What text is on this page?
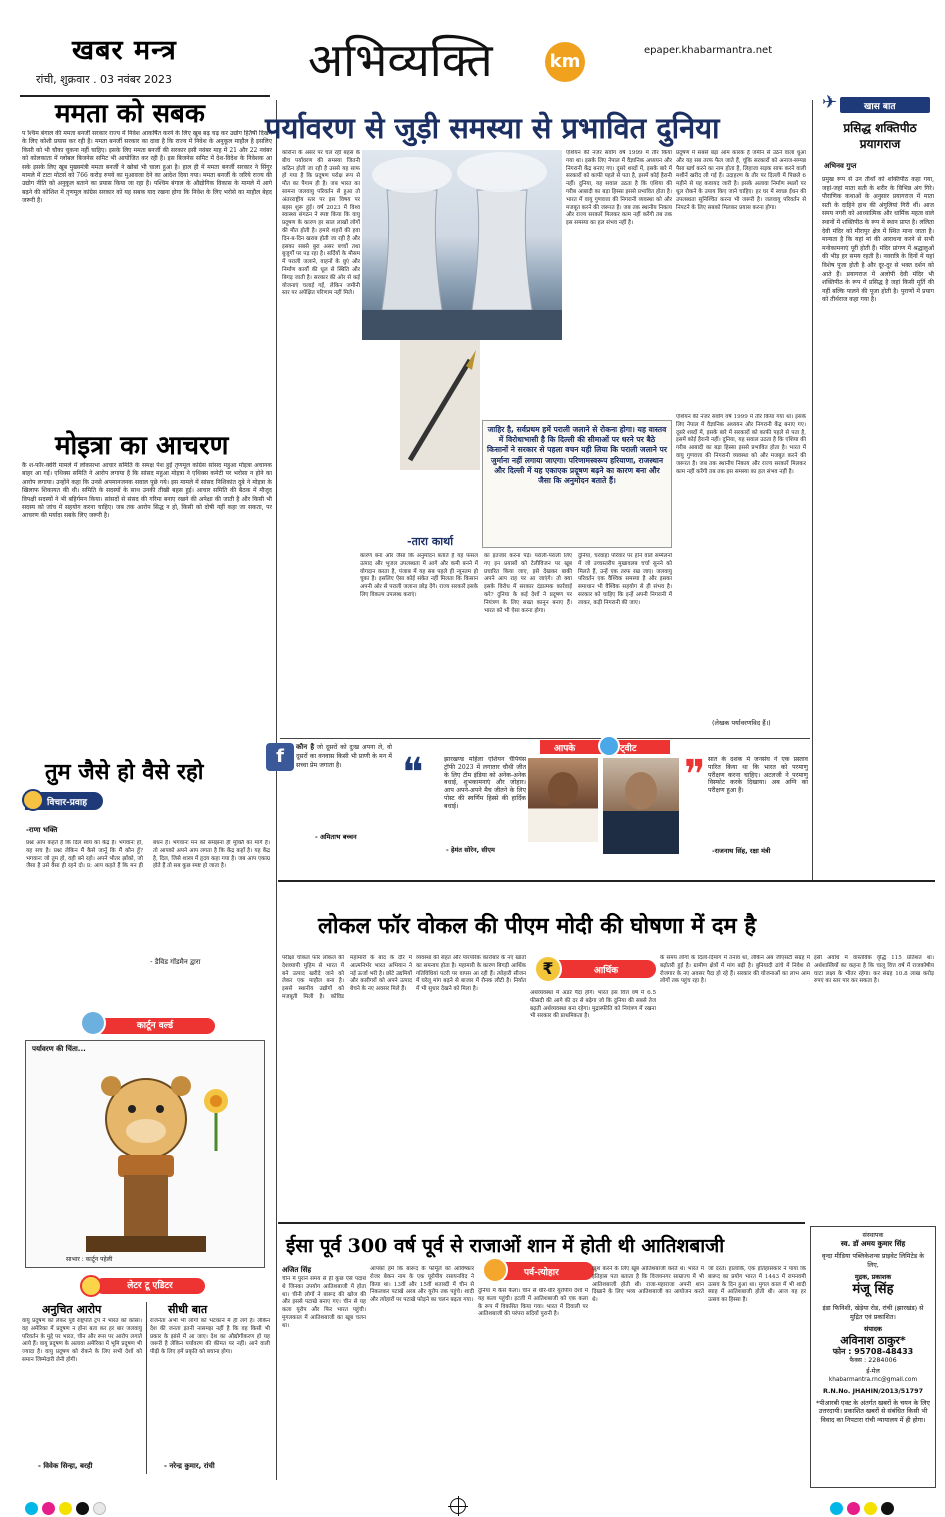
खबर मन्त्र
रांची, शुक्रवार . 03 नवंबर 2023	अभिव्यक्ति	km
epaper.khabarmantra.net
ममता को सबक
प श्चिम बंगाल की ममता बनर्जी सरकार राज्य में निवेश आकर्षित करने के लिए खूब बढ़ चढ़ कर उद्योग हितैषी दिखने के लिए कोशी प्रयास कर रही है। ममता बनर्जी सरकार का दावा है कि राज्य में निवेश के अनुकूल माहौल है इसलिए किसी को भी चौका चुकना नहीं चाहिए। इसके लिए ममता बनर्जी की सरकार इसी नवंबर माह में 21 और 22 नवंबर को कोलकाता में ग्लोबल बिजनेस समिट भी आयोजित कर रही है। इस बिजनेस समिट में देश-विदेश के निवेशक आ सके इसके लिए खूब मुख्यमंत्री ममता बनर्जी ने खोबां भी चाला हुआ है। हाल ही में ममता बनर्जी सरकार ने सिंगूर मामले में टाटा मोटर्स को 766 करोड़ रुपये का मुआवजा देने का आदेश दिया गया। ममता बनर्जी के जरिये राज्य की उद्योग नीति को अनुकूल बताने का प्रयास किया जा रहा है। पश्चिम बंगाल के औद्योगिक विकास के मामले में आगे बढ़ने की कोशिश में तृणमूल कांग्रेस सरकार को यह सबक याद रखना होगा कि निवेश के लिए भरोसे का माहौल बेहद जरूरी है।
मोइत्रा का आचरण
कै श-फॉर-क्वेरी मामले में लोकसभा आचार समिति के समक्ष पेश हुईं तृणमूल कांग्रेस सांसद महुआ मोइत्रा अचानक बाहर आ गईं। एथिक्स समिति ने आरोप लगाया है कि सांसद महुआ मोइत्रा ने एथिक्स कमेटी पर भरोसा न होने का आरोप लगाया। उन्होंने कहा कि उनसे अपमानजनक सवाल पूछे गये। इस मामले में सांसद निशिकांत दुबे ने मोइत्रा के खिलाफ शिकायत की थी। समिति के सदस्यों के साथ उनकी तीखी बहस हुई। आचार समिति की बैठक में मौजूद विपक्षी सदस्यों ने भी बहिर्गमन किया। सांसदों से संसद की गरिमा बनाए रखने की अपेक्षा की जाती है और किसी भी सदस्य को जांच में सहयोग करना चाहिए। जब तक आरोप सिद्ध न हो, किसी को दोषी नहीं कहा जा सकता, पर आचरण की मर्यादा सबके लिए जरूरी है।
तुम जैसे हो वैसे रहो
विचार-प्रवाह
-राणा भक्ति
प्रश्नः आप कहते हैं कि दिल स्वयं का केंद्र है। भगवानः हाँ, यह सच है। प्रश्नः लेकिन मैं कैसे जानूँ कि मैं कौन हूँ? भगवानः जो तुम हो, वही बने रहो। अपने भीतर झाँको, जो जैसा है उसे वैसा ही रहने दो। प्र: आप कहते हैं कि मन ही बंधन है। भगवानः मन को समझना ही मुक्ति का मार्ग है। तो आपको अपने आप लगता है कि केंद्र कहाँ है। यह केंद्र है, दिल, जिसे शास्त्र में हृदय कहा गया है। जब आप एकाग्र होते हैं तो सब कुछ स्पष्ट हो जाता है।
- डैविड गॉडमैन द्वारा
कार्टून वर्ल्ड
पर्यावरण की चिंता...
साभार : कार्टून पहेली
लेटर टू एडिटर
अनुचित आरोप
वायु प्रदूषण को लेकर पूर्व राष्ट्रपति ट्रंप ने भारत को कोसा। वह अमेरिका में प्रदूषण न होना बता कर हर बार जलवायु परिवर्तन के मुद्दे पर भारत, चीन और रूस पर आरोप लगाते आये हैं। वायु प्रदूषण के अलावा अमेरिका में भूमि प्रदूषण भी ज्यादा है। वायु प्रदूषण को रोकने के लिए सभी देशों को समान जिम्मेदारी लेनी होगी।
- विवेक सिन्हा, बरही
सीधी बात
राजनेता अभी भी लोगों को भटकाने में ही लगे हैं। लेकिन देश की जनता इतनी नासमझ नहीं है कि वह किसी भी प्रकार के झांसे में आ जाए। देश का औद्योगीकरण हो यह जरूरी है लेकिन पर्यावरण की कीमत पर नहीं। आने वाली पीढ़ी के लिए हमें प्रकृति को बचाना होगा।
- नरेन्द्र कुमार, रांची
पर्यावरण से जुड़ी समस्या से प्रभावित दुनिया
कोरोना के असर पर चल रही बहस के बीच पर्यावरण की समस्या जितनी कठिन होती जा रही है उससे यह साफ हो गया है कि प्रदूषण परोक्ष रूप से मौत का पैगाम ही है। जब भारत का सामना जलवायु परिवर्तन से हुआ तो अंतरराष्ट्रीय स्तर पर इस विषय पर बहस शुरू हुई। वर्ष 2023 में विश्व स्वास्थ्य संगठन ने स्पष्ट किया कि वायु प्रदूषण के कारण हर साल लाखों लोगों की मौत होती है। हमारे शहरों की हवा दिन-ब-दिन खराब होती जा रही है और इसका सबसे बुरा असर बच्चों तथा बुजुर्गों पर पड़ रहा है। सर्दियों के मौसम में पराली जलाने, वाहनों के धुएं और निर्माण कार्यों की धूल से स्थिति और बिगड़ जाती है। सरकार की ओर से कई योजनाएं चलाई गईं, लेकिन जमीनी स्तर पर अपेक्षित परिणाम नहीं मिले।
प्रदूषण में सबसे बड़ा आम कारक है जमीन से उठने वाला धुआं और यह सब तरफ फैल जाते हैं, चूंकि सरकारों को अनाज-सम्पन्न पैसा खर्च करने का नाम होता है, लिहाजा सड़क साफ करने वाली मशीनें खरीद ली गई हैं। उदाहरण के तौर पर दिल्ली में पिछले 6 महीने से यह कवायद जारी है। इसके अलावा निर्माण स्थलों पर धूल रोकने के उपाय किए जाने चाहिए। हर घर में स्वच्छ ईंधन की उपलब्धता सुनिश्चित करना भी जरूरी है। जलवायु परिवर्तन से निपटने के लिए सबको मिलकर प्रयास करना होगा।
एशियन की नजर सर्वांग वर्ष 1999 में तौर किया गया था। इसके लिए नेपाल में वैज्ञानिक अध्ययन और निगरानी केंद्र बनाए गए। दूसरे शब्दों में, इसके बारे में सरकारों को काफी पहले से पता है, इसमें कोई हैरानी नहीं। दुनिया, यह सवाल उठता है कि एशिया की गरीब आबादी का बड़ा हिस्सा इससे प्रभावित होता है। भारत में वायु गुणवत्ता की निगरानी व्यवस्था को और मजबूत करने की जरूरत है। जब तक स्थानीय निकाय और राज्य सरकारें मिलकर काम नहीं करेंगी तब तक इस समस्या का हल संभव नहीं है।
-तारा कार्था
जाहिर है, सर्वप्रथम हमें पराली जलाने से रोकना होगा। यह वास्तव में विरोधाभासी है कि दिल्ली की सीमाओं पर धरने पर बैठे किसानों ने सरकार से पहला वचन यही लिया कि पराली जलाने पर जुर्माना नहीं लगाया जाएगा। परिणामस्वरूप हरियाणा, राजस्थान और दिल्ली में यह एकाएक प्रदूषण बढ़ने का कारण बना और जैसा कि अनुमोदन बताते हैं।
कारण बना और जैसा कि अनुमोदन बताते हैं यह फसल उत्पाद और भूजल उपलब्धता में आगे और कमी बनने में योगदान करता है, पंजाब में यह सब पहले ही न्यूनतम हो चुका है। इसलिए ऐसा कोई संकेत नहीं मिलता कि किसान अपनी ओर से पराली जलाना छोड़ देंगे। राज्य सरकारें इसके लिए विकल्प उपलब्ध कराएं।
का इंतजार करना पड़े। पराली-पराली लिए गए इन प्रयासों को टेलीविजन पर खूब प्रचारित किया जाए, इसे देखकर बाकी अपने आप राह पर आ जाएंगे। तो क्या इसके विरोध में सरकार दंडात्मक कार्रवाई करे? दुनिया के कई देशों ने प्रदूषण पर नियंत्रण के लिए सख्त कानून बनाए हैं। भारत को भी ऐसा करना होगा।
दुनिया, चरवाहा परिवार पर होने वाले सम्मेलनों में जो उच्चस्तरीय मुखावलब चर्चा सुनने को मिलते हैं, उन्हें एक तरफ रख जाए। जलवायु परिवर्तन एक वैश्विक समस्या है और इसका समाधान भी वैश्विक सहयोग से ही संभव है। सरकार को चाहिए कि इन्हें अपनी निगरानी में लाकर, कड़ी निगरानी की जाए।
एशियन की नजर सर्वांग वर्ष 1999 में तौर किया गया था। इसके लिए नेपाल में वैज्ञानिक अध्ययन और निगरानी केंद्र बनाए गए। दूसरे शब्दों में, इसके बारे में सरकारों को काफी पहले से पता है, इसमें कोई हैरानी नहीं। दुनिया, यह सवाल उठता है कि एशिया की गरीब आबादी का बड़ा हिस्सा इससे प्रभावित होता है। भारत में वायु गुणवत्ता की निगरानी व्यवस्था को और मजबूत करने की जरूरत है। जब तक स्थानीय निकाय और राज्य सरकारें मिलकर काम नहीं करेंगी तब तक इस समस्या का हल संभव नहीं है।
(लेखक पर्यावरणविद हैं।)
f	कौन है जो दूसरों को दुःख अपना ले, वो दूसरों का वनवास किसी भी प्राणी के मन में सच्चा प्रेम जगाता है।
- अमिताभ बच्चन
आपके	ट्वीट
❝	झारखण्ड महिला एशियन चैंपियंस ट्रॉफी 2023 में लगातार चौथी जीत के लिए टीम इंडिया को अनेक-अनेक बधाई, शुभकामनाएं और जोहार। आप अपने-अपने मैच जीतने के लिए पोस्ट की स्वर्णिम हिस्से की हार्दिक बधाई।
- हेमंत सोरेन, सीएम
❞ सात के दशक में जनसंघ ने एक प्रस्ताव पारित किया था कि भारत को परमाणु परीक्षण करना चाहिए। अटलजी ने परमाणु विस्फोट करके दिखाया। अब अग्नि का परीक्षण हुआ है।
-राजनाथ सिंह, रक्षा मंत्री
खास बात
✈
प्रसिद्ध शक्तिपीठ प्रयागराज
अभिनव गुप्त
प्रमुख रूप से उन तीर्थों को शक्तिपीठ कहा गया, जहां-जहां माता सती के शरीर के विभिन्न अंग गिरे। पौराणिक कथाओं के अनुसार प्रयागराज में माता सती के दाहिने हाथ की अंगुलियां गिरी थीं। आज समय नगरी को आध्यात्मिक और धार्मिक महत्व वाले स्थानों में शक्तिपीठ के रूप में स्थान प्राप्त है। ललिता देवी मंदिर को मीरापुर क्षेत्र में स्थित माना जाता है। मान्यता है कि यहां मां की आराधना करने से सभी मनोकामनाएं पूरी होती हैं। मंदिर प्रांगण में श्रद्धालुओं की भीड़ हर समय रहती है। नवरात्रि के दिनों में यहां विशेष पूजा होती है और दूर-दूर से भक्त दर्शन को आते हैं। प्रयागराज में अलोपी देवी मंदिर भी शक्तिपीठ के रूप में प्रसिद्ध है जहां किसी मूर्ति की नहीं बल्कि पालने की पूजा होती है। पुराणों में प्रयाग को तीर्थराज कहा गया है।
लोकल फॉर वोकल की पीएम मोदी की घोषणा में दम है
परीक्षा चोकल फॉर लोकल की देशव्यापी मुहिम से भारत में बने उत्पाद खरीदे जाने को लेकर एक माहौल बना है। इससे स्थानीय उद्योगों को मजबूती मिली है। कोविड महामारी के बाद के दौर में आत्मनिर्भर भारत अभियान ने नई ऊर्जा भरी है। छोटे उद्यमियों और कारीगरों को अपने उत्पाद बेचने के नए अवसर मिले हैं।
व्यवस्था की सेहत और पारंपरिक कारोबार के नए खातों का समन्वय होता है। महामारी के कारण बिगड़ी आर्थिक गतिविधियां पटरी पर वापस आ रही हैं। त्योहारी सीजन में घरेलू मांग बढ़ने से बाजार में रौनक लौटी है। निर्यात में भी सुधार देखने को मिला है।
आर्थिक
₹
अर्थव्यवस्था में अंडरे पैदा होंगे। भारत इस वित्त वर्ष में 6.5 फीसदी की आगे की दर से बढ़ेगा जो कि दुनिया की सबसे तेज बढ़ती अर्थव्यवस्था बना रहेगा। मुद्रास्फीति को नियंत्रण में रखना भी सरकार की प्राथमिकता है।
के समय लोगों के दिलो-दिमाग में तनाव था, लेकिन अब जीएसटी संग्रह में बढ़ोतरी हुई है। ग्रामीण क्षेत्रों में मांग बढ़ी है। बुनियादी ढांचे में निवेश से रोजगार के नए अवसर पैदा हो रहे हैं। सरकार की योजनाओं का लाभ आम लोगों तक पहुंच रहा है।
इसी अवधि में वास्तविक वृद्धि 115 प्रतिशत था। अर्थशास्त्रियों का कहना है कि चालू वित्त वर्ष में राजकोषीय घाटा लक्ष्य के भीतर रहेगा। कर संग्रह 10.8 लाख करोड़ रुपए का स्तर पार कर सकता है।
ईसा पूर्व 300 वर्ष पूर्व से राजाओं शान में होती थी आतिशबाजी
अजित सिंह
चीन में पुराने समय से ही कुछ ऐसे पदार्थ थे जिनका उपयोग आतिशबाजी में होता था। चीनी लोगों ने बारूद की खोज की और इससे पटाखे बनाए गए। चीन से यह कला यूरोप और फिर भारत पहुंची। मुगलकाल में आतिशबाजी का खूब चलन था।
आपको हमें कि बारूद के फॉर्मूले को आविष्कार रोजर बेकन नाम के एक यूरोपीय रसायनविद ने किया था। 13वीं और 15वीं शताब्दी में चीन से निकलकर पटाखे अरब और यूरोप तक पहुंचे। शादी और त्योहारों पर पटाखे फोड़ने का चलन बढ़ता गया।
पर्व-त्योहार
दुनिया में कैसे फैला। चीन से धीरे-धीरे यूरोपीय देशों में यह कला पहुंची। इटली में आतिशबाजी को एक कला के रूप में विकसित किया गया। भारत में दिवाली पर आतिशबाजी की परंपरा सदियों पुरानी है।
खुश करने के लिए खूब आतिशबाजी करते थे। भारत में इतिहास पता बताता है कि विजयनगर साम्राज्य में भी आतिशबाजी होती थी। राजा-महाराजा अपनी शान दिखाने के लिए भव्य आतिशबाजी का आयोजन करते थे।
जाँ दरते। हालांकि, एक इतिहासकार ने पाया कि बारूद का प्रयोग भारत में 1443 में रामनवमी उत्सव के दिन हुआ था। मुगल काल में भी शादी ब्याह में आतिशबाजी होती थी। आज यह हर उत्सव का हिस्सा है।
संस्थापक
स्व. डॉ अमय कुमार सिंह
वृन्दा मीडिया पब्लिकेशन्स प्राइवेट लिमिटेड के लिए,
मुद्रक, प्रकाशक
मंजू सिंह
इंडा फिनिशी, खेड़ेया रोड, रांची (झारखंड) से मुद्रित एवं प्रकाशित।
संपादक
अविनाश ठाकुर*
फोन : 95708-48433
फैक्स : 2284006
ई-मेल
khabarmantra.rnc@gmail.com
R.N.No. JHAHIN/2013/51797
*पीआरबी एक्ट के अंतर्गत खबरों के चयन के लिए उत्तरदायी। प्रकाशित खबरों से संबंधित किसी भी विवाद का निपटारा रांची न्यायालय में ही होगा।
